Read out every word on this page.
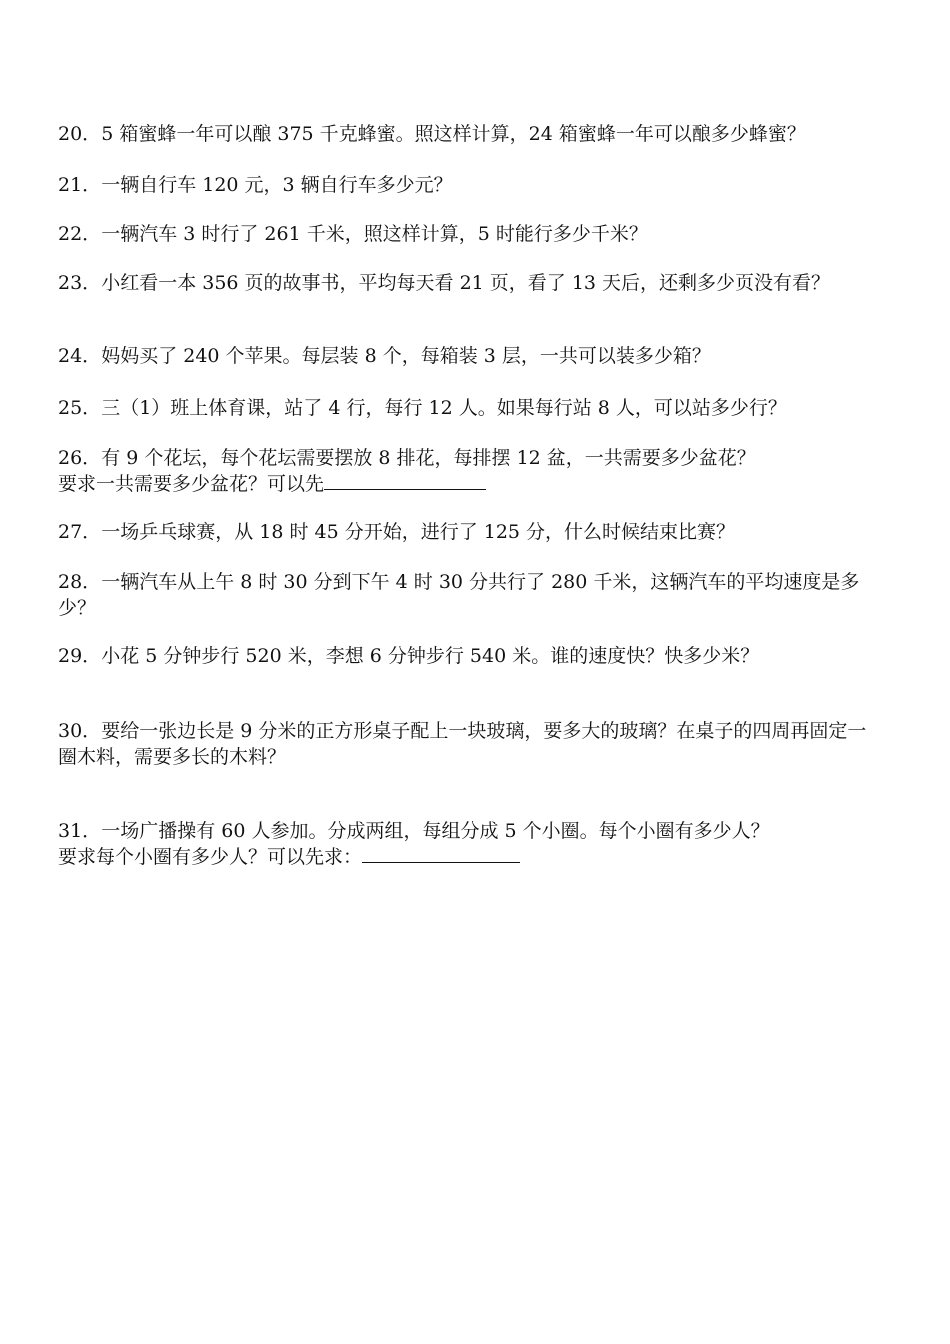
20．5 箱蜜蜂一年可以酿 375 千克蜂蜜。照这样计算，24 箱蜜蜂一年可以酿多少蜂蜜？
21．一辆自行车 120 元，3 辆自行车多少元？
22．一辆汽车 3 时行了 261 千米，照这样计算，5 时能行多少千米？
23．小红看一本 356 页的故事书，平均每天看 21 页，看了 13 天后，还剩多少页没有看？
24．妈妈买了 240 个苹果。每层装 8 个，每箱装 3 层，一共可以装多少箱？
25．三（1）班上体育课，站了 4 行，每行 12 人。如果每行站 8 人，可以站多少行？
26．有 9 个花坛，每个花坛需要摆放 8 排花，每排摆 12 盆，一共需要多少盆花？
要求一共需要多少盆花？可以先
27．一场乒乓球赛，从 18 时 45 分开始，进行了 125 分，什么时候结束比赛？
28．一辆汽车从上午 8 时 30 分到下午 4 时 30 分共行了 280 千米，这辆汽车的平均速度是多少？
29．小花 5 分钟步行 520 米，李想 6 分钟步行 540 米。谁的速度快？快多少米？
30．要给一张边长是 9 分米的正方形桌子配上一块玻璃，要多大的玻璃？在桌子的四周再固定一圈木料，需要多长的木料？
31．一场广播操有 60 人参加。分成两组，每组分成 5 个小圈。每个小圈有多少人？
要求每个小圈有多少人？可以先求：
